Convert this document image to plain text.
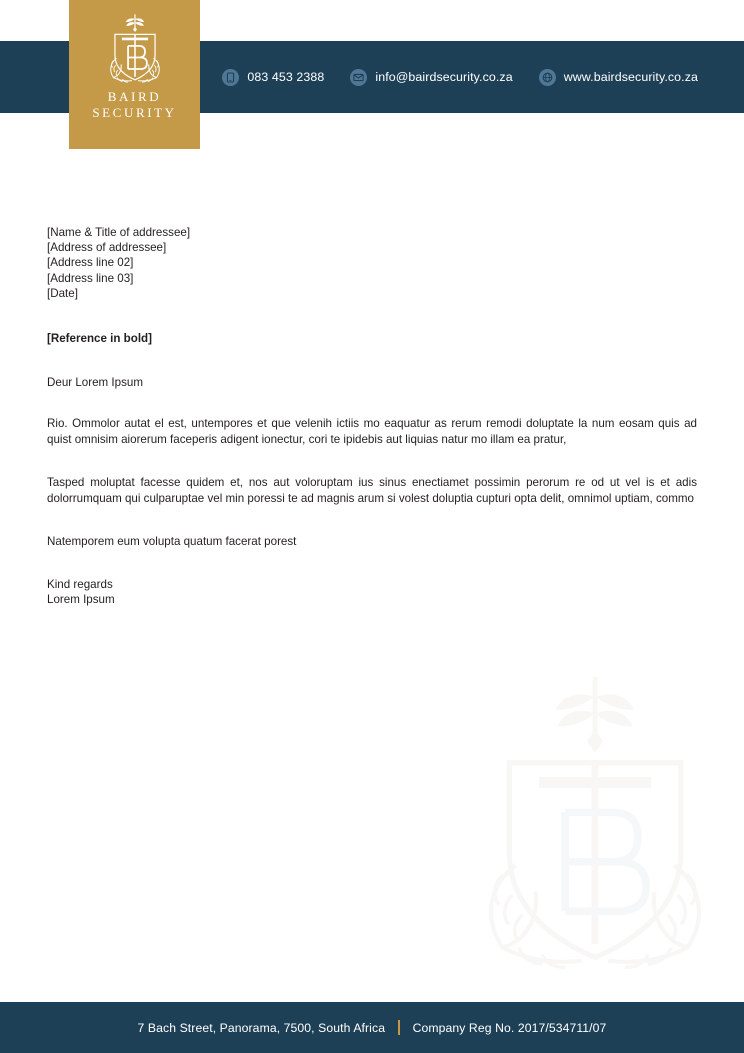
083 453 2388	info@bairdsecurity.co.za	www.bairdsecurity.co.za
BAIRD
SECURITY
[Name & Title of addressee]
[Address of addressee]
[Address line 02]
[Address line 03]
[Date]
[Reference in bold]
Deur Lorem Ipsum

Rio. Ommolor autat el est, untempores et que velenih ictiis mo eaquatur as rerum remodi doluptate la num eosam quis ad quist omnisim aiorerum faceperis adigent ionectur, cori te ipidebis aut liquias natur mo illam ea pratur,

Tasped moluptat facesse quidem et, nos aut voloruptam ius sinus enectiamet possimin perorum re od ut vel is et adis dolorrumquam qui culparuptae vel min poressi te ad magnis arum si volest doluptia cupturi opta delit, omnimol uptiam, commo

Natemporem eum volupta quatum facerat porest

Kind regards
Lorem Ipsum
7 Bach Street, Panorama, 7500, South Africa Company Reg No. 2017/534711/07
